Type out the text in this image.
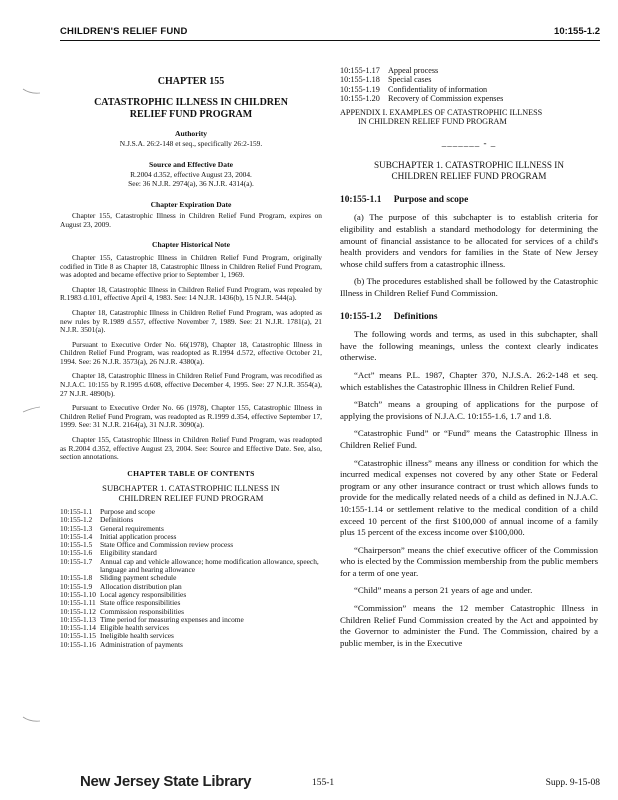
CHILDREN'S RELIEF FUND	10:155-1.2
CHAPTER 155
CATASTROPHIC ILLNESS IN CHILDREN
RELIEF FUND PROGRAM
Authority
N.J.S.A. 26:2-148 et seq., specifically 26:2-159.
Source and Effective Date
R.2004 d.352, effective August 23, 2004.
See: 36 N.J.R. 2974(a), 36 N.J.R. 4314(a).
Chapter Expiration Date

Chapter 155, Catastrophic Illness in Children Relief Fund Program, expires on August 23, 2009.

Chapter Historical Note

Chapter 155, Catastrophic Illness in Children Relief Fund Program, originally codified in Title 8 as Chapter 18, Catastrophic Illness in Children Relief Fund Program, was adopted and became effective prior to September 1, 1969.

Chapter 18, Catastrophic Illness in Children Relief Fund Program, was repealed by R.1983 d.101, effective April 4, 1983. See: 14 N.J.R. 1436(b), 15 N.J.R. 544(a).

Chapter 18, Catastrophic Illness in Children Relief Fund Program, was adopted as new rules by R.1989 d.557, effective November 7, 1989. See: 21 N.J.R. 1781(a), 21 N.J.R. 3501(a).

Pursuant to Executive Order No. 66(1978), Chapter 18, Catastrophic Illness in Children Relief Fund Program, was readopted as R.1994 d.572, effective October 21, 1994. See: 26 N.J.R. 3573(a), 26 N.J.R. 4380(a).

Chapter 18, Catastrophic Illness in Children Relief Fund Program, was recodified as N.J.A.C. 10:155 by R.1995 d.608, effective December 4, 1995. See: 27 N.J.R. 3554(a), 27 N.J.R. 4890(b).

Pursuant to Executive Order No. 66 (1978), Chapter 155, Catastrophic Illness in Children Relief Fund Program, was readopted as R.1999 d.354, effective September 17, 1999. See: 31 N.J.R. 2164(a), 31 N.J.R. 3090(a).

Chapter 155, Catastrophic Illness in Children Relief Fund Program, was readopted as R.2004 d.352, effective August 23, 2004. See: Source and Effective Date. See, also, section annotations.

CHAPTER TABLE OF CONTENTS
SUBCHAPTER 1. CATASTROPHIC ILLNESS IN
CHILDREN RELIEF FUND PROGRAM
10:155-1.1	Purpose and scope
10:155-1.2	Definitions
10:155-1.3	General requirements
10:155-1.4	Initial application process
10:155-1.5	State Office and Commission review process
10:155-1.6	Eligibility standard
10:155-1.7	Annual cap and vehicle allowance; home modification allowance, speech, language and hearing allowance
10:155-1.8	Sliding payment schedule
10:155-1.9	Allocation distribution plan
10:155-1.10 Local agency responsibilities
10:155-1.11 State office responsibilities
10:155-1.12 Commission responsibilities
10:155-1.13 Time period for measuring expenses and income
10:155-1.14 Eligible health services
10:155-1.15 Ineligible health services
10:155-1.16 Administration of payments
10:155-1.17 Appeal process
10:155-1.18 Special cases
10:155-1.19 Confidentiality of information
10:155-1.20 Recovery of Commission expenses
APPENDIX I. EXAMPLES OF CATASTROPHIC ILLNESS
IN CHILDREN RELIEF FUND PROGRAM
_______ - _
SUBCHAPTER 1. CATASTROPHIC ILLNESS IN
CHILDREN RELIEF FUND PROGRAM
10:155-1.1 Purpose and scope

(a) The purpose of this subchapter is to establish criteria for eligibility and establish a standard methodology for determining the amount of financial assistance to be allocated for services of a child's health providers and vendors for families in the State of New Jersey whose child suffers from a catastrophic illness.

(b) The procedures established shall be followed by the Catastrophic Illness in Children Relief Fund Commission.

10:155-1.2 Definitions

The following words and terms, as used in this subchapter, shall have the following meanings, unless the context clearly indicates otherwise.

“Act” means P.L. 1987, Chapter 370, N.J.S.A. 26:2-148 et seq. which establishes the Catastrophic Illness in Children Relief Fund.

“Batch” means a grouping of applications for the purpose of applying the provisions of N.J.A.C. 10:155-1.6, 1.7 and 1.8.

“Catastrophic Fund” or “Fund” means the Catastrophic Illness in Children Relief Fund.

“Catastrophic illness” means any illness or condition for which the incurred medical expenses not covered by any other State or Federal program or any other insurance contract or trust which allows funds to provide for the medically related needs of a child as defined in N.J.A.C. 10:155-1.14 or settlement relative to the medical condition of a child exceed 10 percent of the first $100,000 of annual income of a family plus 15 percent of the excess income over $100,000.

“Chairperson” means the chief executive officer of the Commission who is elected by the Commission membership from the public members for a term of one year.

“Child” means a person 21 years of age and under.

“Commission” means the 12 member Catastrophic Illness in Children Relief Fund Commission created by the Act and appointed by the Governor to administer the Fund. The Commission, chaired by a public member, is in the Executive

New Jersey State Library	155-1	Supp. 9-15-08
